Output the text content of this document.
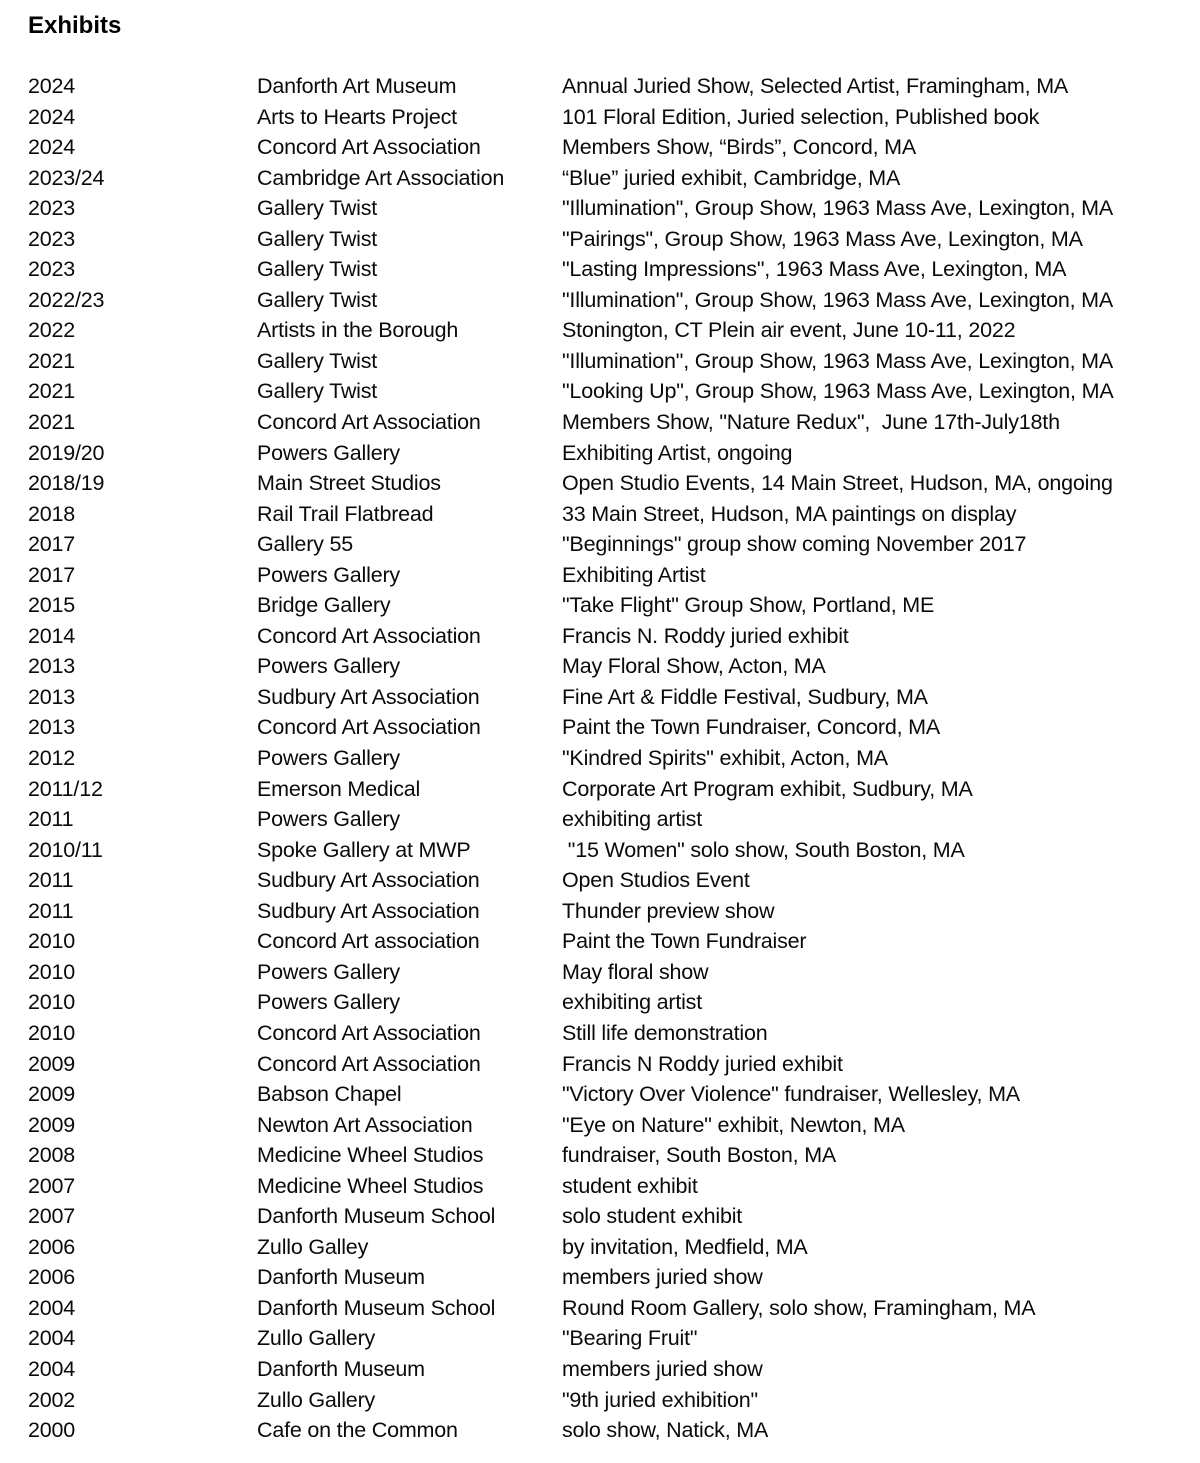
Exhibits
2024	Danforth Art Museum	Annual Juried Show, Selected Artist, Framingham, MA
2024	Arts to Hearts Project	101 Floral Edition, Juried selection, Published book
2024	Concord Art Association	Members Show, “Birds”, Concord, MA
2023/24	Cambridge Art Association	“Blue” juried exhibit, Cambridge, MA
2023	Gallery Twist	"Illumination", Group Show, 1963 Mass Ave, Lexington, MA
2023	Gallery Twist	"Pairings", Group Show, 1963 Mass Ave, Lexington, MA
2023	Gallery Twist	"Lasting Impressions", 1963 Mass Ave, Lexington, MA
2022/23	Gallery Twist	"Illumination", Group Show, 1963 Mass Ave, Lexington, MA
2022	Artists in the Borough	Stonington, CT Plein air event, June 10-11, 2022
2021	Gallery Twist	"Illumination", Group Show, 1963 Mass Ave, Lexington, MA
2021	Gallery Twist	"Looking Up", Group Show, 1963 Mass Ave, Lexington, MA
2021	Concord Art Association	Members Show, "Nature Redux",  June 17th-July18th
2019/20	Powers Gallery	Exhibiting Artist, ongoing
2018/19	Main Street Studios	Open Studio Events, 14 Main Street, Hudson, MA, ongoing
2018	Rail Trail Flatbread	33 Main Street, Hudson, MA paintings on display
2017	Gallery 55	"Beginnings" group show coming November 2017
2017	Powers Gallery	Exhibiting Artist
2015	Bridge Gallery	"Take Flight" Group Show, Portland, ME
2014	Concord Art Association	Francis N. Roddy juried exhibit
2013	Powers Gallery	May Floral Show, Acton, MA
2013	Sudbury Art Association	Fine Art & Fiddle Festival, Sudbury, MA
2013	Concord Art Association	Paint the Town Fundraiser, Concord, MA
2012	Powers Gallery	"Kindred Spirits" exhibit, Acton, MA
2011/12	Emerson Medical	Corporate Art Program exhibit, Sudbury, MA
2011	Powers Gallery	exhibiting artist
2010/11	Spoke Gallery at MWP	"15 Women" solo show, South Boston, MA
2011	Sudbury Art Association	Open Studios Event
2011	Sudbury Art Association	Thunder preview show
2010	Concord Art association	Paint the Town Fundraiser
2010	Powers Gallery	May floral show
2010	Powers Gallery	exhibiting artist
2010	Concord Art Association	Still life demonstration
2009	Concord Art Association	Francis N Roddy juried exhibit
2009	Babson Chapel	"Victory Over Violence" fundraiser, Wellesley, MA
2009	Newton Art Association	"Eye on Nature" exhibit, Newton, MA
2008	Medicine Wheel Studios	fundraiser, South Boston, MA
2007	Medicine Wheel Studios	student exhibit
2007	Danforth Museum School	solo student exhibit
2006	Zullo Galley	by invitation, Medfield, MA
2006	Danforth Museum	members juried show
2004	Danforth Museum School	Round Room Gallery, solo show, Framingham, MA
2004	Zullo Gallery	"Bearing Fruit"
2004	Danforth Museum	members juried show
2002	Zullo Gallery	"9th juried exhibition"
2000	Cafe on the Common	solo show, Natick, MA
